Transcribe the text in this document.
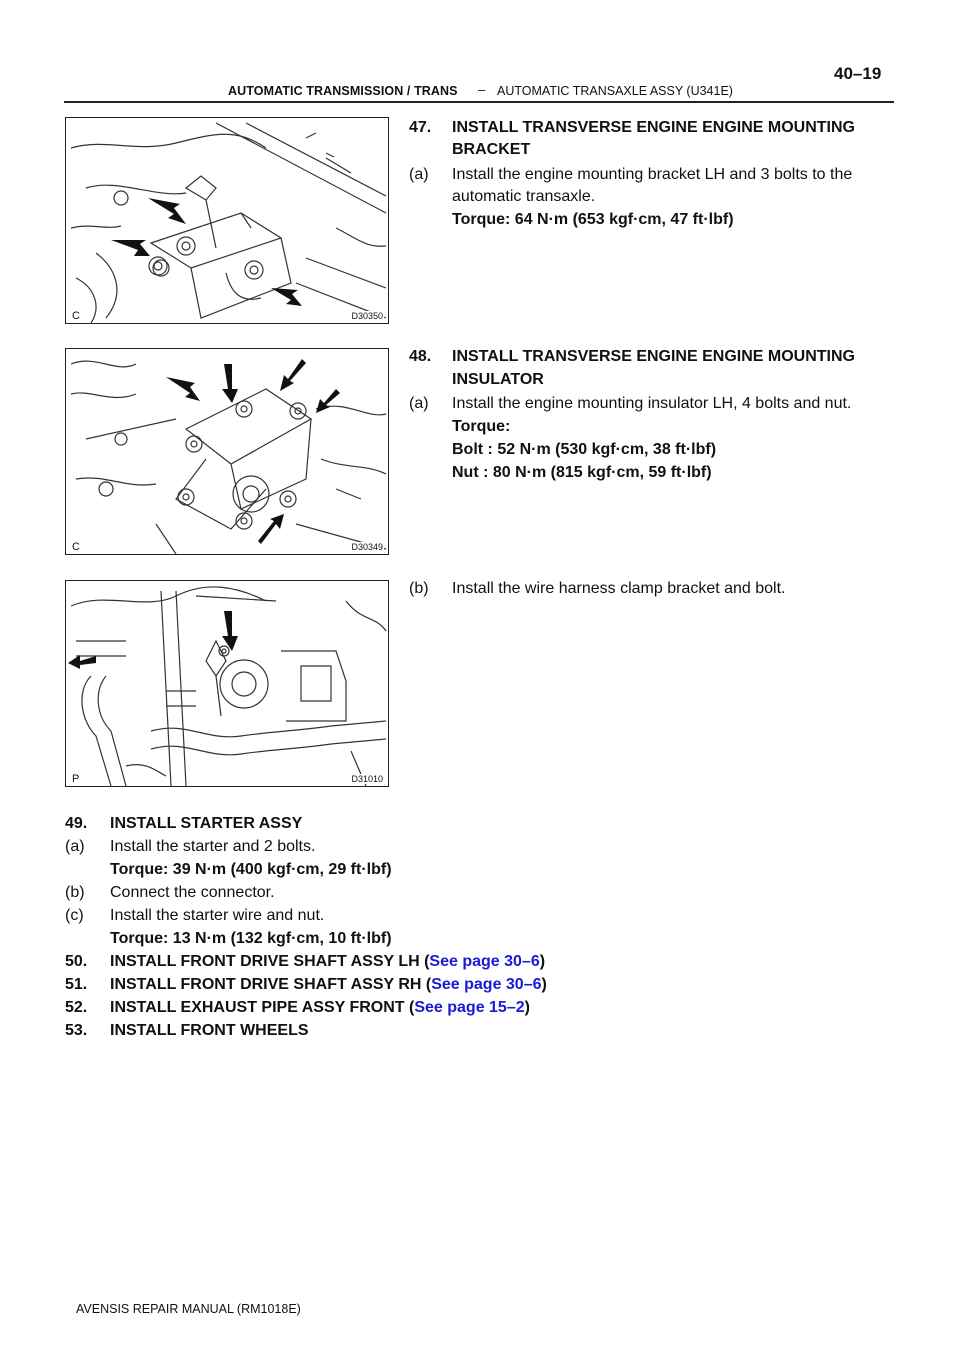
40–19
AUTOMATIC TRANSMISSION / TRANS – AUTOMATIC TRANSAXLE ASSY (U341E)
C	D30350
C	D30349
P	D31010
47. INSTALL TRANSVERSE ENGINE ENGINE MOUNTING
BRACKET
(a) Install the engine mounting bracket LH and 3 bolts to the
automatic transaxle.
Torque: 64 N·m (653 kgf·cm, 47 ft·lbf)
48. INSTALL TRANSVERSE ENGINE ENGINE MOUNTING
INSULATOR
(a) Install the engine mounting insulator LH, 4 bolts and nut.
Torque:
Bolt : 52 N·m (530 kgf·cm, 38 ft·lbf)
Nut : 80 N·m (815 kgf·cm, 59 ft·lbf)
(b) Install the wire harness clamp bracket and bolt.
49. INSTALL STARTER ASSY
(a) Install the starter and 2 bolts.
Torque: 39 N·m (400 kgf·cm, 29 ft·lbf)
(b) Connect the connector.
(c) Install the starter wire and nut.
Torque: 13 N·m (132 kgf·cm, 10 ft·lbf)
50. INSTALL FRONT DRIVE SHAFT ASSY LH (See page 30–6)
51. INSTALL FRONT DRIVE SHAFT ASSY RH (See page 30–6)
52. INSTALL EXHAUST PIPE ASSY FRONT (See page 15–2)
53. INSTALL FRONT WHEELS
AVENSIS REPAIR MANUAL (RM1018E)
